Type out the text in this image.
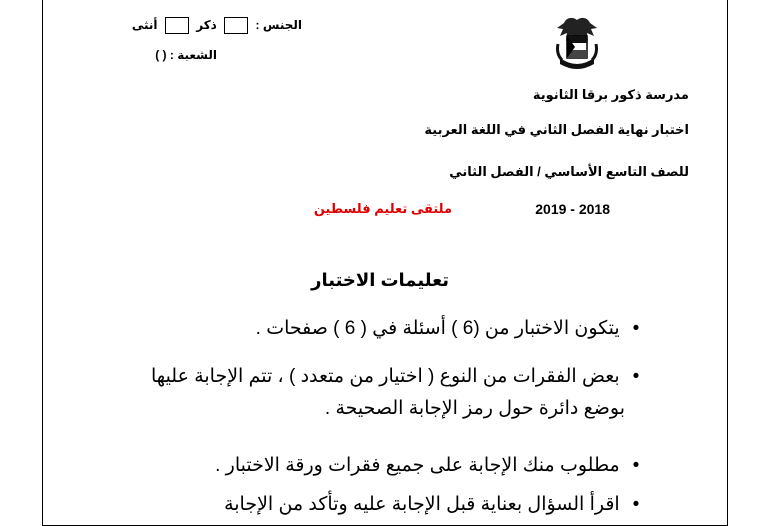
الجنس :  ذكر  أنثى
الشعبة : ( )
مدرسة ذكور برقا الثانوية
اختبار نهاية الفصل الثاني في اللغة العربية
للصف التاسع الأساسي / الفصل الثاني
2019 - 2018
ملتقى تعليم فلسطين
تعليمات الاختبار
• يتكون الاختبار من (6 ) أسئلة في ( 6 ) صفحات .
• بعض الفقرات من النوع ( اختيار من متعدد ) ، تتم الإجابة عليها
بوضع دائرة حول رمز الإجابة الصحيحة .
• مطلوب منك الإجابة على جميع فقرات ورقة الاختبار .
• اقرأ السؤال بعناية قبل الإجابة عليه وتأكد من الإجابة
